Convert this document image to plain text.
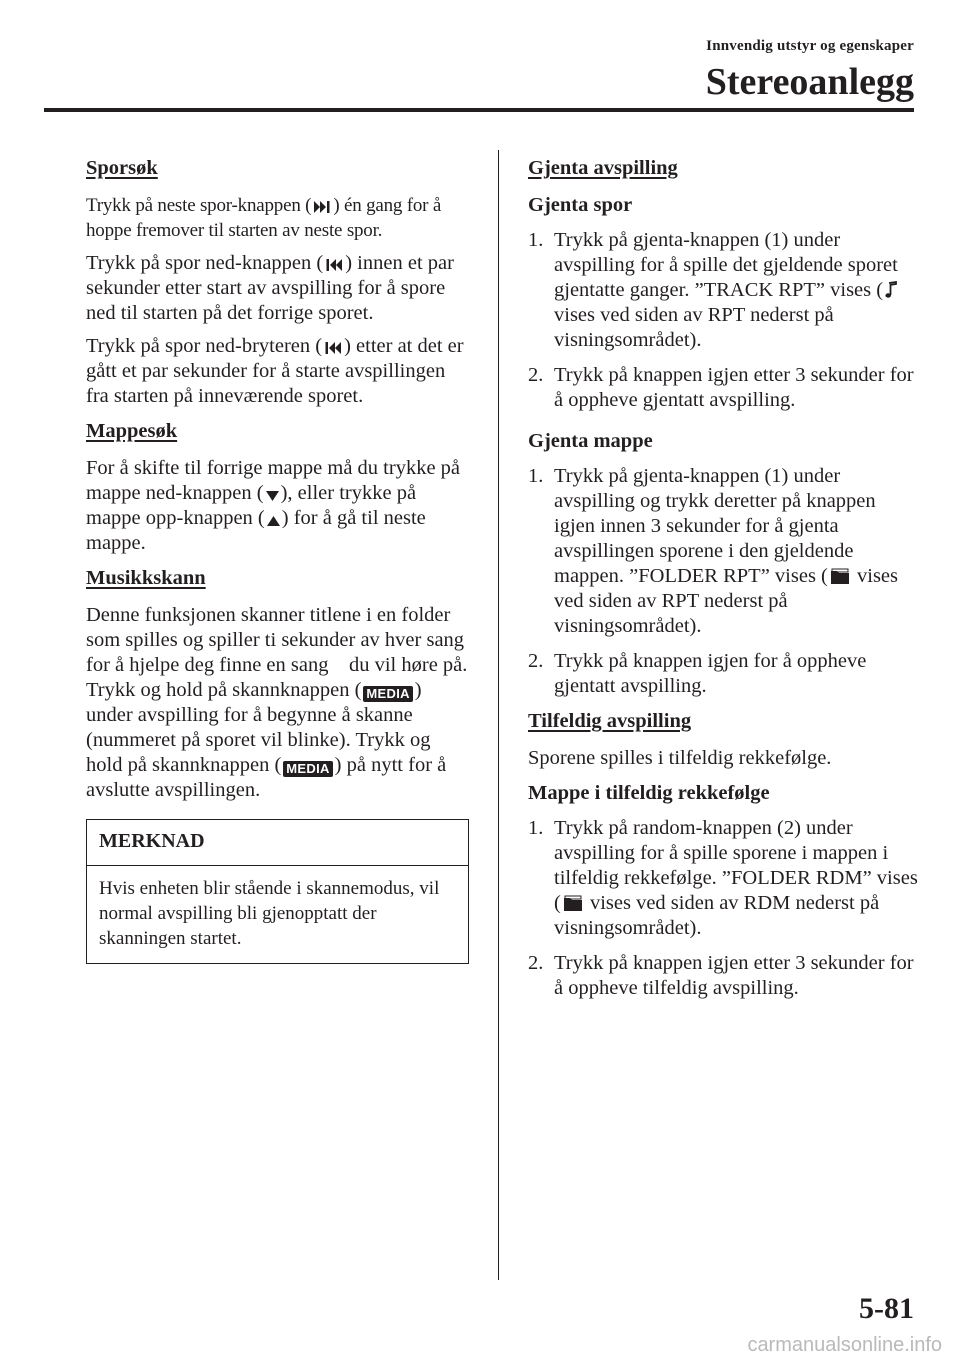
Innvendig utstyr og egenskaper
Stereoanlegg
Sporsøk

Trykk på neste spor-knappen ( ) én gang for å hoppe fremover til starten av neste spor.

Trykk på spor ned-knappen ( ) innen et par sekunder etter start av avspilling for å spore ned til starten på det forrige sporet.

Trykk på spor ned-bryteren ( ) etter at det er gått et par sekunder for å starte avspillingen fra starten på inneværende sporet.

Mappesøk

For å skifte til forrige mappe må du trykke på mappe ned-knappen ( ), eller trykke på mappe opp-knappen ( ) for å gå til neste mappe.

Musikkskann

Denne funksjonen skanner titlene i en folder som spilles og spiller ti sekunder av hver sang for å hjelpe deg finne en sang    du vil høre på.

Trykk og hold på skannknappen ( MEDIA ) under avspilling for å begynne å skanne (nummeret på sporet vil blinke). Trykk og hold på skannknappen ( MEDIA ) på nytt for å avslutte avspillingen.

MERKNAD
Hvis enheten blir stående i skannemodus, vil normal avspilling bli gjenopptatt der skanningen startet.
Gjenta avspilling
Gjenta spor
1. Trykk på gjenta-knappen (1) under avspilling for å spille det gjeldende sporet gjentatte ganger. ”TRACK RPT” vises (vises ved siden av RPT nederst på visningsområdet).
2. Trykk på knappen igjen etter 3 sekunder for å oppheve gjentatt avspilling.
Gjenta mappe
1. Trykk på gjenta-knappen (1) under avspilling og trykk deretter på knappen igjen innen 3 sekunder for å gjenta avspillingen sporene i den gjeldende mappen. ”FOLDER RPT” vises ( vises ved siden av RPT nederst på visningsområdet).
2. Trykk på knappen igjen for å oppheve gjentatt avspilling.
Tilfeldig avspilling

Sporene spilles i tilfeldig rekkefølge.

Mappe i tilfeldig rekkefølge
1. Trykk på random-knappen (2) under avspilling for å spille sporene i mappen i tilfeldig rekkefølge. ”FOLDER RDM” vises ( vises ved siden av RDM nederst på visningsområdet).
2. Trykk på knappen igjen etter 3 sekunder for å oppheve tilfeldig avspilling.
5-81
carmanualsonline.info
